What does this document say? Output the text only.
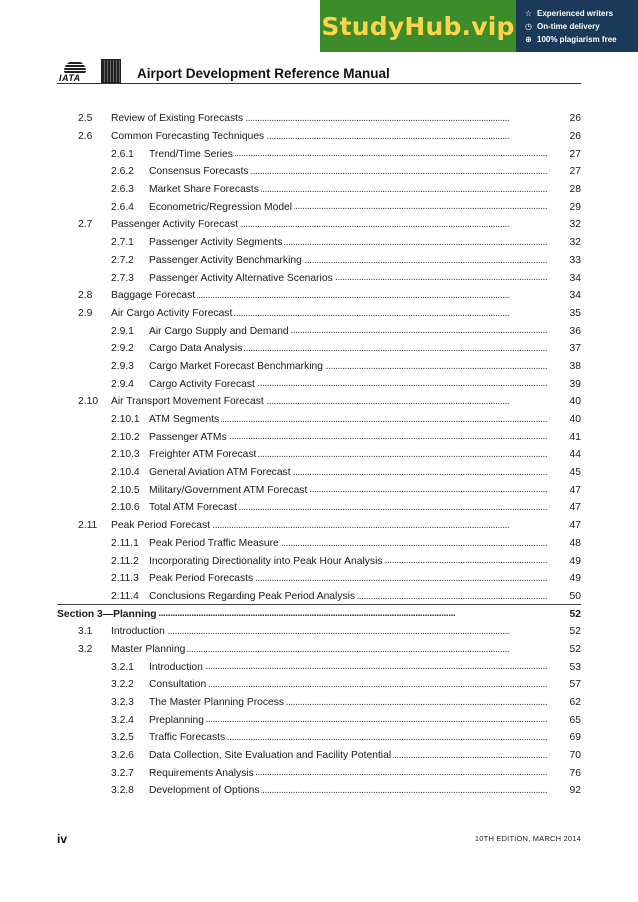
StudyHub.vip ☆ Experienced writers
◷ On-time delivery
⊕ 100% plagiarism free
IATA	Airport Development Reference Manual
2.5 . . . Review of Existing Forecasts	26
2.6 . . . Common Forecasting Techniques	26
2.6.1 . . . Trend/Time Series	27
2.6.2 . . . Consensus Forecasts	27
2.6.3 . . . Market Share Forecasts	28
2.6.4 . . . Econometric/Regression Model	29
2.7 . . . Passenger Activity Forecast	32
2.7.1 . . . Passenger Activity Segments	32
2.7.2 . . . Passenger Activity Benchmarking	33
2.7.3 . . . Passenger Activity Alternative Scenarios	34
2.8 . . . Baggage Forecast	34
2.9 . . . Air Cargo Activity Forecast	35
2.9.1 . . . Air Cargo Supply and Demand	36
2.9.2 . . . Cargo Data Analysis	37
2.9.3 . . . Cargo Market Forecast Benchmarking	38
2.9.4 . . . Cargo Activity Forecast	39
2.10 . . . Air Transport Movement Forecast	40
2.10.1 . . . ATM Segments	40
2.10.2 . . . Passenger ATMs	41
2.10.3 . . . Freighter ATM Forecast	44
2.10.4 . . . General Aviation ATM Forecast	45
2.10.5 . . . Military/Government ATM Forecast	47
2.10.6 . . . Total ATM Forecast	47
2.11 . . . Peak Period Forecast	47
2.11.1 . . . Peak Period Traffic Measure	48
2.11.2 . . . Incorporating Directionality into Peak Hour Analysis	49
2.11.3 . . . Peak Period Forecasts	49
2.11.4 . . . Conclusions Regarding Peak Period Analysis	50
. . .
Section 3—Planning	52
3.1 . . . Introduction	52
3.2 . . . Master Planning	52
3.2.1 . . . Introduction	53
3.2.2 . . . Consultation	57
3.2.3 . . . The Master Planning Process	62
3.2.4 . . . Preplanning	65
3.2.5 . . . Traffic Forecasts	69
3.2.6 . . . Data Collection, Site Evaluation and Facility Potential	70
3.2.7 . . . Requirements Analysis	76
3.2.8 . . . Development of Options	92
iv	10TH EDITION, MARCH 2014
